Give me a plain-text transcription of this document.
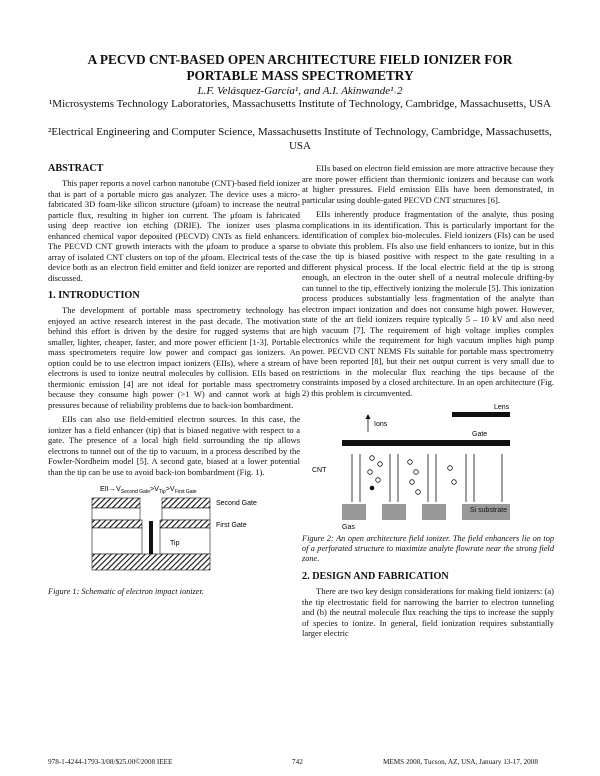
A PECVD CNT-BASED OPEN ARCHITECTURE FIELD IONIZER FOR
PORTABLE MASS SPECTROMETRY

L.F. Velásquez-García¹, and A.I. Akinwande¹˒2

¹Microsystems Technology Laboratories, Massachusetts Institute of Technology, Cambridge, Massachusetts, USA

²Electrical Engineering and Computer Science, Massachusetts Institute of Technology, Cambridge, Massachusetts, USA

ABSTRACT

This paper reports a novel carbon nanotube (CNT)-based field ionizer that is part of a portable micro gas analyzer. The device uses a micro-fabricated 3D foam-like silicon structure (μfoam) to increase the neutral particle flux, resulting in higher ion current. The μfoam is fabricated using deep reactive ion etching (DRIE). The ionizer uses plasma enhanced chemical vapor deposited (PECVD) CNTs as field enhancers. The PECVD CNT growth interacts with the μfoam to produce a sparse array of isolated CNT clusters on top of the μfoam. Electrical tests of the device both as an electron field emitter and field ionizer are reported and discussed.

1. INTRODUCTION

The development of portable mass spectrometry technology has enjoyed an active research interest in the past decade. The motivation behind this effort is driven by the desire for rugged systems that are smaller, lighter, cheaper, faster, and more power efficient [1-3]. Portable mass spectrometers require low power and compact gas ionizers. An option could be to use electron impact ionizers (EIIs), where a stream of electrons is used to ionize neutral molecules by collision. EIIs based on thermionic emission [4] are not ideal for portable mass spectrometry because they consume high power (>1 W) and cannot work at high pressures because of reliability problems due to back-ion bombardment.

EIIs can also use field-emitted electron sources. In this case, the ionizer has a field enhancer (tip) that is biased negative with respect to a gate. The presence of a local high field surrounding the tip allows electrons to tunnel out of the tip to vacuum, in a process described by the Fowler-Nordheim model [5]. A second gate, biased at a lower potential than the tip can be use to avoid back-ion bombardment (Fig. 1).

$EII\to V_{Second Gate}>V_{Tip}>V_{First Gate}$
Second Gate
First Gate
Tip

Figure 1: Schematic of electron impact ionizer.

EIIs based on electron field emission are more attractive because they are more power efficient than thermionic ionizers and because can work at higher pressures. Field emission EIIs have been demonstrated, in particular using double-gated PECVD CNT structures [6].

EIIs inherently produce fragmentation of the analyte, thus posing complications in its identification. This is particularly important for the identification of complex bio-molecules. Field ionizers (FIs) can be used to obviate this problem. FIs also use field enhancers to ionize, but in this case the tip is biased positive with respect to the gate resulting in a different physical process. If the local electric field at the tip is strong enough, an electron in the outer shell of a neutral molecule drifting-by can tunnel to the tip, effectively ionizing the molecule [5]. This ionization process produces substantially less fragmentation of the analyte than electron impact ionization and does not consume high power. However, state of the art field ionizers require typically 5 – 10 kV and also need high vacuum [7]. The requirement of high voltage implies complex electronics while the requirement for high vacuum implies high pump power. PECVD CNT NEMS FIs suitable for portable mass spectrometry have been reported [8], but their net output current is very small due to restrictions in the molecular flux reaching the tips because of the constraints imposed by a closed architecture. In an open architecture (Fig. 2) this problem is circumvented.

Lens
Ions
Gate
CNT
Gas
Si substrate

Figure 2: An open architecture field ionizer. The field enhancers lie on top of a perforated structure to maximize analyte flowrate near the strong field zone.

2. DESIGN AND FABRICATION

There are two key design considerations for making field ionizers: (a) the tip electrostatic field for narrowing the barrier to electron tunneling and (b) the neutral molecule flux reaching the tips to increase the supply of species to ionize. In general, field ionization requires substantially larger electric

978-1-4244-1793-3/08/$25.00©2008 IEEE	742	MEMS 2008, Tucson, AZ, USA, January 13-17, 2008
